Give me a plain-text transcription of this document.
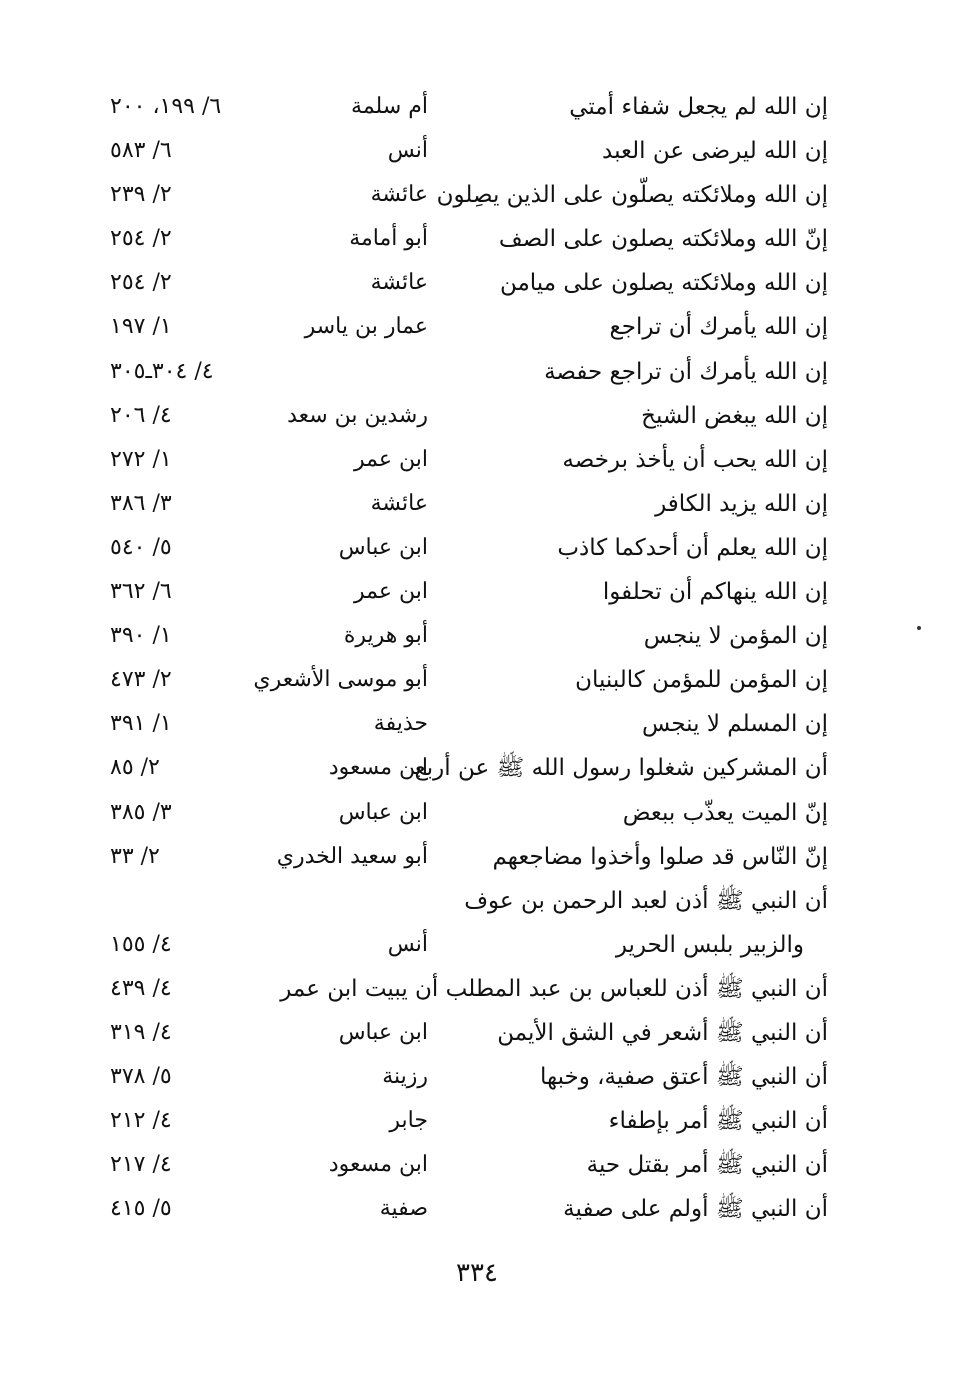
إن الله لم يجعل شفاء أمتي
أم سلمة
٦/ ١٩٩، ٢٠٠
إن الله ليرضى عن العبد
أنس
٦/ ٥٨٣
إن الله وملائكته يصلّون على الذين يصِلون
عائشة
٢/ ٢٣٩
إنّ الله وملائكته يصلون على الصف
أبو أمامة
٢/ ٢٥٤
إن الله وملائكته يصلون على ميامن
عائشة
٢/ ٢٥٤
إن الله يأمرك أن تراجع
عمار بن ياسر
١/ ١٩٧
إن الله يأمرك أن تراجع حفصة
٤/ ٣٠٤ـ٣٠٥
إن الله يبغض الشيخ
رشدين بن سعد
٤/ ٢٠٦
إن الله يحب أن يأخذ برخصه
ابن عمر
١/ ٢٧٢
إن الله يزيد الكافر
عائشة
٣/ ٣٨٦
إن الله يعلم أن أحدكما كاذب
ابن عباس
٥/ ٥٤٠
إن الله ينهاكم أن تحلفوا
ابن عمر
٦/ ٣٦٢
إن المؤمن لا ينجس
أبو هريرة
١/ ٣٩٠
إن المؤمن للمؤمن كالبنيان
أبو موسى الأشعري
٢/ ٤٧٣
إن المسلم لا ينجس
حذيفة
١/ ٣٩١
أن المشركين شغلوا رسول الله ﷺ عن أربع
ابن مسعود
٢/ ٨٥
إنّ الميت يعذّب ببعض
ابن عباس
٣/ ٣٨٥
إنّ النّاس قد صلوا وأخذوا مضاجعهم
أبو سعيد الخدري
٢/ ٣٣
أن النبي ﷺ أذن لعبد الرحمن بن عوف
والزبير بلبس الحرير
أنس
٤/ ١٥٥
أن النبي ﷺ أذن للعباس بن عبد المطلب أن يبيت ابن عمر
٤/ ٤٣٩
أن النبي ﷺ أشعر في الشق الأيمن
ابن عباس
٤/ ٣١٩
أن النبي ﷺ أعتق صفية، وخبها
رزينة
٥/ ٣٧٨
أن النبي ﷺ أمر بإطفاء
جابر
٤/ ٢١٢
أن النبي ﷺ أمر بقتل حية
ابن مسعود
٤/ ٢١٧
أن النبي ﷺ أولم على صفية
صفية
٥/ ٤١٥
٣٣٤
